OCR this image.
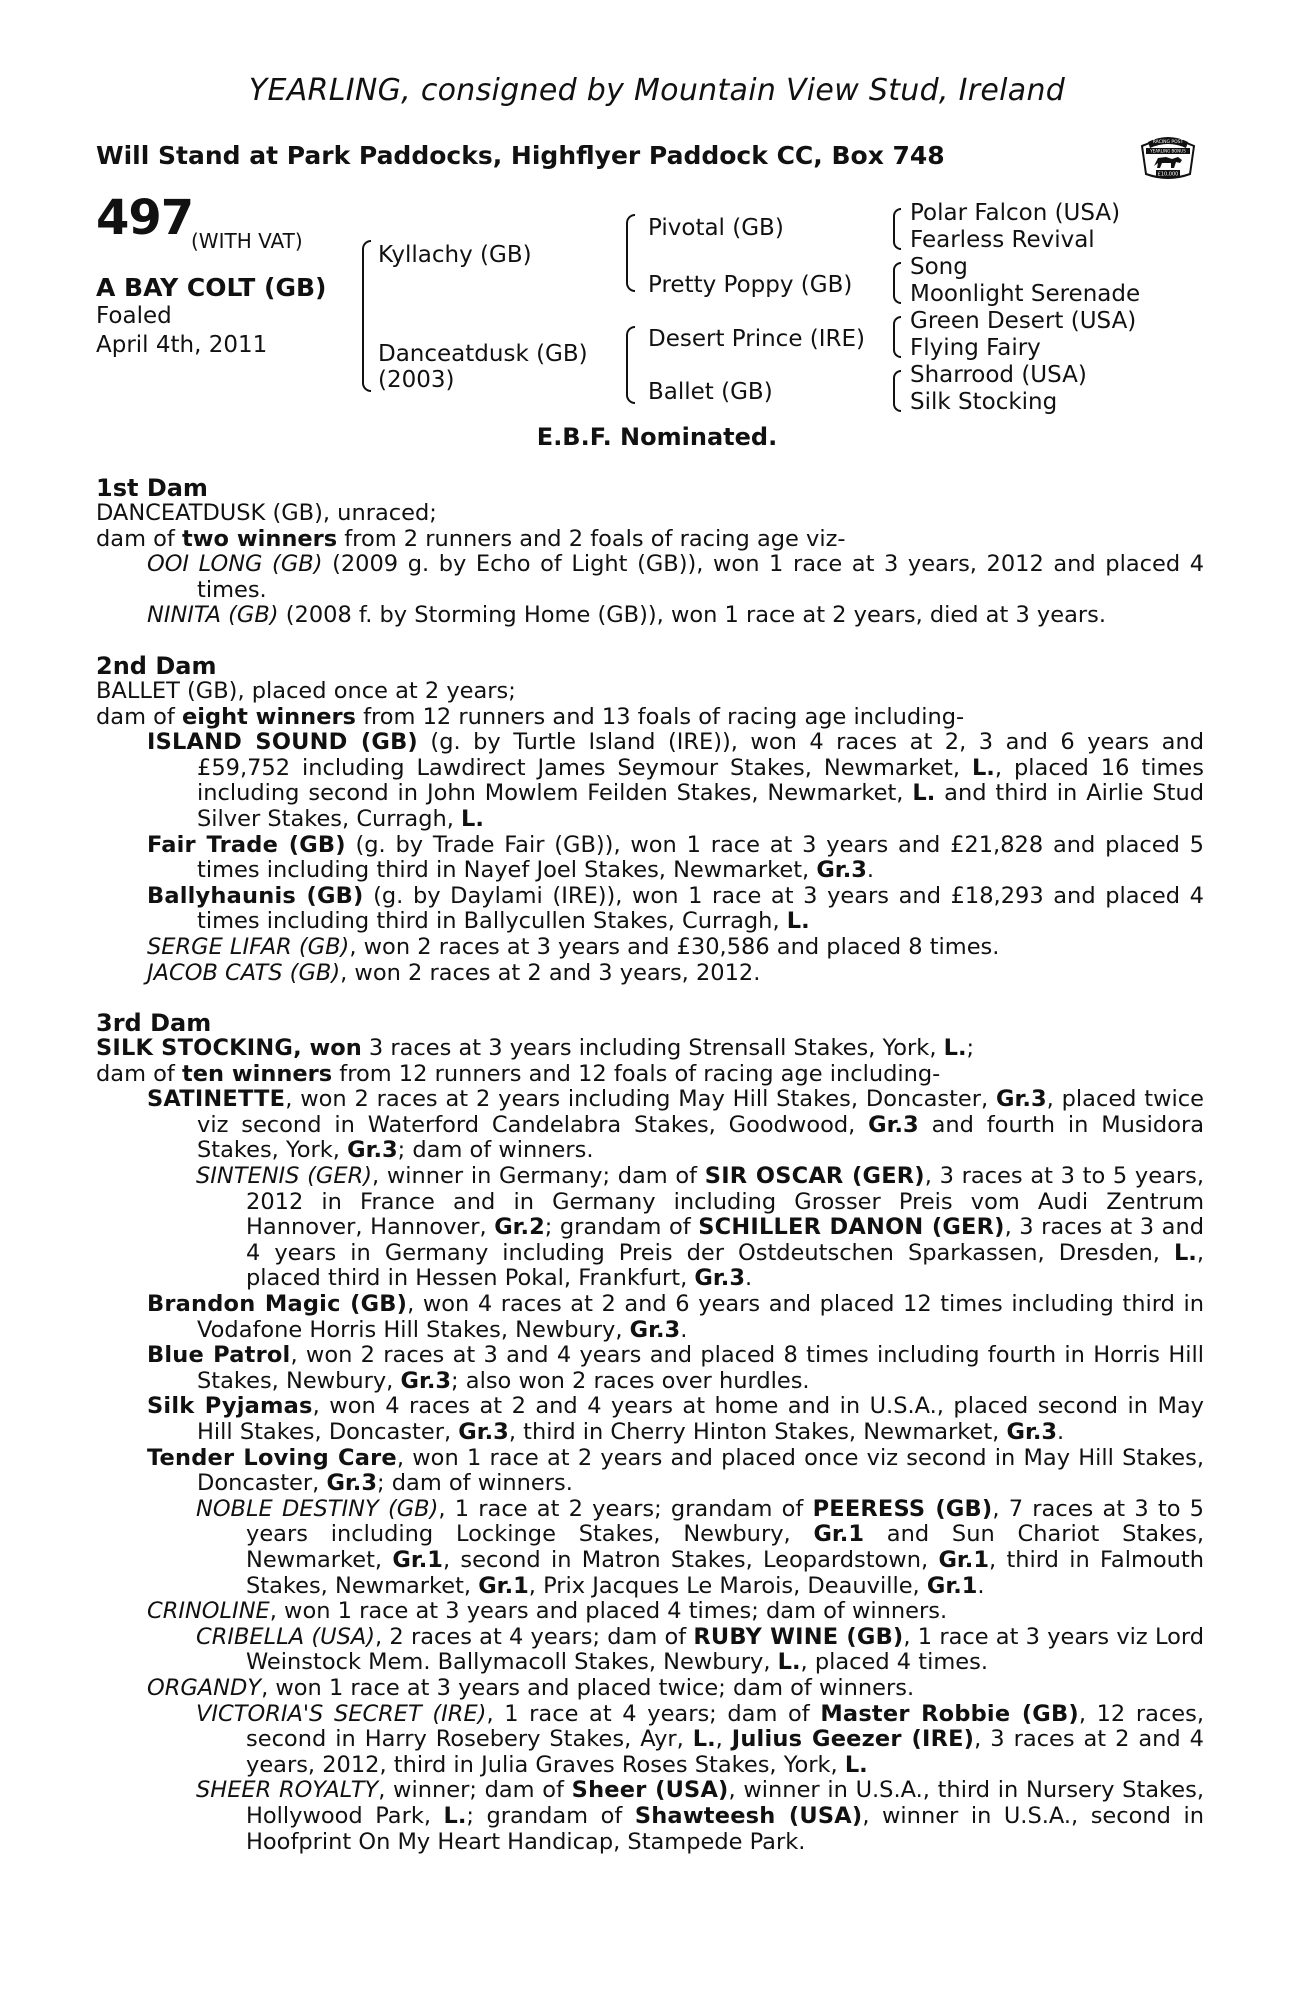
YEARLING, consigned by Mountain View Stud, Ireland
Will Stand at Park Paddocks, Highflyer Paddock CC, Box 748	RACING POST
YEARLING BONUS
£10,000
497
(WITH VAT)
A BAY COLT (GB)
Foaled
April 4th, 2011
Kyllachy (GB)
Danceatdusk (GB)
(2003)
Pivotal (GB)
Pretty Poppy (GB)
Desert Prince (IRE)
Ballet (GB)
Polar Falcon (USA)
Fearless Revival
Song
Moonlight Serenade
Green Desert (USA)
Flying Fairy
Sharrood (USA)
Silk Stocking
E.B.F. Nominated.
1st Dam

DANCEATDUSK (GB), unraced;

dam of two winners from 2 runners and 2 foals of racing age viz-

OOI LONG (GB) (2009 g. by Echo of Light (GB)), won 1 race at 3 years, 2012 and placed 4 times.

NINITA (GB) (2008 f. by Storming Home (GB)), won 1 race at 2 years, died at 3 years.

2nd Dam

BALLET (GB), placed once at 2 years;

dam of eight winners from 12 runners and 13 foals of racing age including-

ISLAND SOUND (GB) (g. by Turtle Island (IRE)), won 4 races at 2, 3 and 6 years and £59,752 including Lawdirect James Seymour Stakes, Newmarket, L., placed 16 times including second in John Mowlem Feilden Stakes, Newmarket, L. and third in Airlie Stud Silver Stakes, Curragh, L.

Fair Trade (GB) (g. by Trade Fair (GB)), won 1 race at 3 years and £21,828 and placed 5 times including third in Nayef Joel Stakes, Newmarket, Gr.3.

Ballyhaunis (GB) (g. by Daylami (IRE)), won 1 race at 3 years and £18,293 and placed 4 times including third in Ballycullen Stakes, Curragh, L.

SERGE LIFAR (GB), won 2 races at 3 years and £30,586 and placed 8 times.

JACOB CATS (GB), won 2 races at 2 and 3 years, 2012.

3rd Dam

SILK STOCKING, won 3 races at 3 years including Strensall Stakes, York, L.;

dam of ten winners from 12 runners and 12 foals of racing age including-

SATINETTE, won 2 races at 2 years including May Hill Stakes, Doncaster, Gr.3, placed twice viz second in Waterford Candelabra Stakes, Goodwood, Gr.3 and fourth in Musidora Stakes, York, Gr.3; dam of winners.

SINTENIS (GER), winner in Germany; dam of SIR OSCAR (GER), 3 races at 3 to 5 years, 2012 in France and in Germany including Grosser Preis vom Audi Zentrum Hannover, Hannover, Gr.2; grandam of SCHILLER DANON (GER), 3 races at 3 and 4 years in Germany including Preis der Ostdeutschen Sparkassen, Dresden, L., placed third in Hessen Pokal, Frankfurt, Gr.3.

Brandon Magic (GB), won 4 races at 2 and 6 years and placed 12 times including third in Vodafone Horris Hill Stakes, Newbury, Gr.3.

Blue Patrol, won 2 races at 3 and 4 years and placed 8 times including fourth in Horris Hill Stakes, Newbury, Gr.3; also won 2 races over hurdles.

Silk Pyjamas, won 4 races at 2 and 4 years at home and in U.S.A., placed second in May Hill Stakes, Doncaster, Gr.3, third in Cherry Hinton Stakes, Newmarket, Gr.3.

Tender Loving Care, won 1 race at 2 years and placed once viz second in May Hill Stakes, Doncaster, Gr.3; dam of winners.

NOBLE DESTINY (GB), 1 race at 2 years; grandam of PEERESS (GB), 7 races at 3 to 5 years including Lockinge Stakes, Newbury, Gr.1 and Sun Chariot Stakes, Newmarket, Gr.1, second in Matron Stakes, Leopardstown, Gr.1, third in Falmouth Stakes, Newmarket, Gr.1, Prix Jacques Le Marois, Deauville, Gr.1.

CRINOLINE, won 1 race at 3 years and placed 4 times; dam of winners.

CRIBELLA (USA), 2 races at 4 years; dam of RUBY WINE (GB), 1 race at 3 years viz Lord Weinstock Mem. Ballymacoll Stakes, Newbury, L., placed 4 times.

ORGANDY, won 1 race at 3 years and placed twice; dam of winners.

VICTORIA'S SECRET (IRE), 1 race at 4 years; dam of Master Robbie (GB), 12 races, second in Harry Rosebery Stakes, Ayr, L., Julius Geezer (IRE), 3 races at 2 and 4 years, 2012, third in Julia Graves Roses Stakes, York, L.

SHEER ROYALTY, winner; dam of Sheer (USA), winner in U.S.A., third in Nursery Stakes, Hollywood Park, L.; grandam of Shawteesh (USA), winner in U.S.A., second in Hoofprint On My Heart Handicap, Stampede Park.
